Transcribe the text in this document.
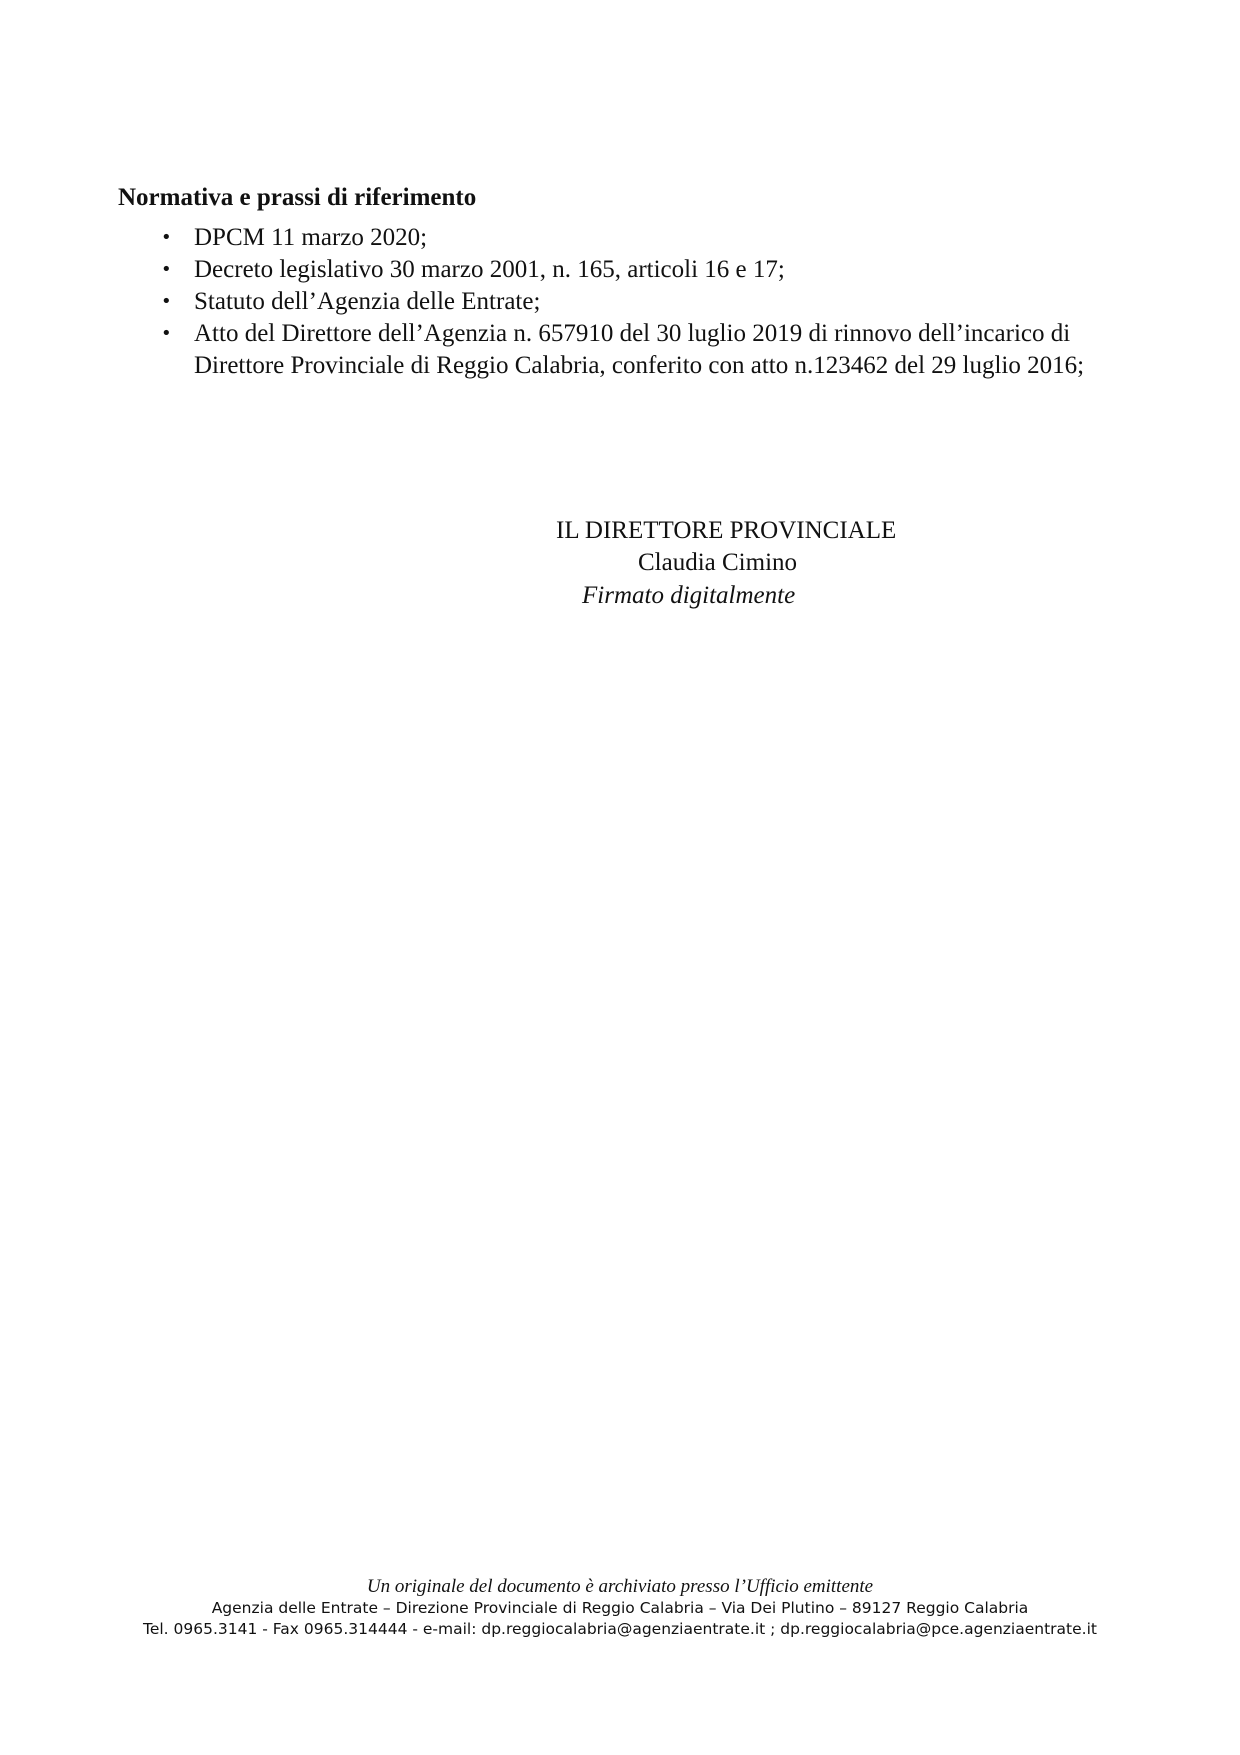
Normativa e prassi di riferimento

• DPCM 11 marzo 2020;
• Decreto legislativo 30 marzo 2001, n. 165, articoli 16 e 17;
• Statuto dell’Agenzia delle Entrate;
• Atto del Direttore dell’Agenzia n. 657910 del 30 luglio 2019 di rinnovo dell’incarico di Direttore Provinciale di Reggio Calabria, conferito con atto n.123462 del 29 luglio 2016;
IL DIRETTORE PROVINCIALE
Claudia Cimino
Firmato digitalmente
Un originale del documento è archiviato presso l’Ufficio emittente
Agenzia delle Entrate – Direzione Provinciale di Reggio Calabria – Via Dei Plutino – 89127 Reggio Calabria
Tel. 0965.3141 - Fax 0965.314444 - e-mail: dp.reggiocalabria@agenziaentrate.it ; dp.reggiocalabria@pce.agenziaentrate.it
